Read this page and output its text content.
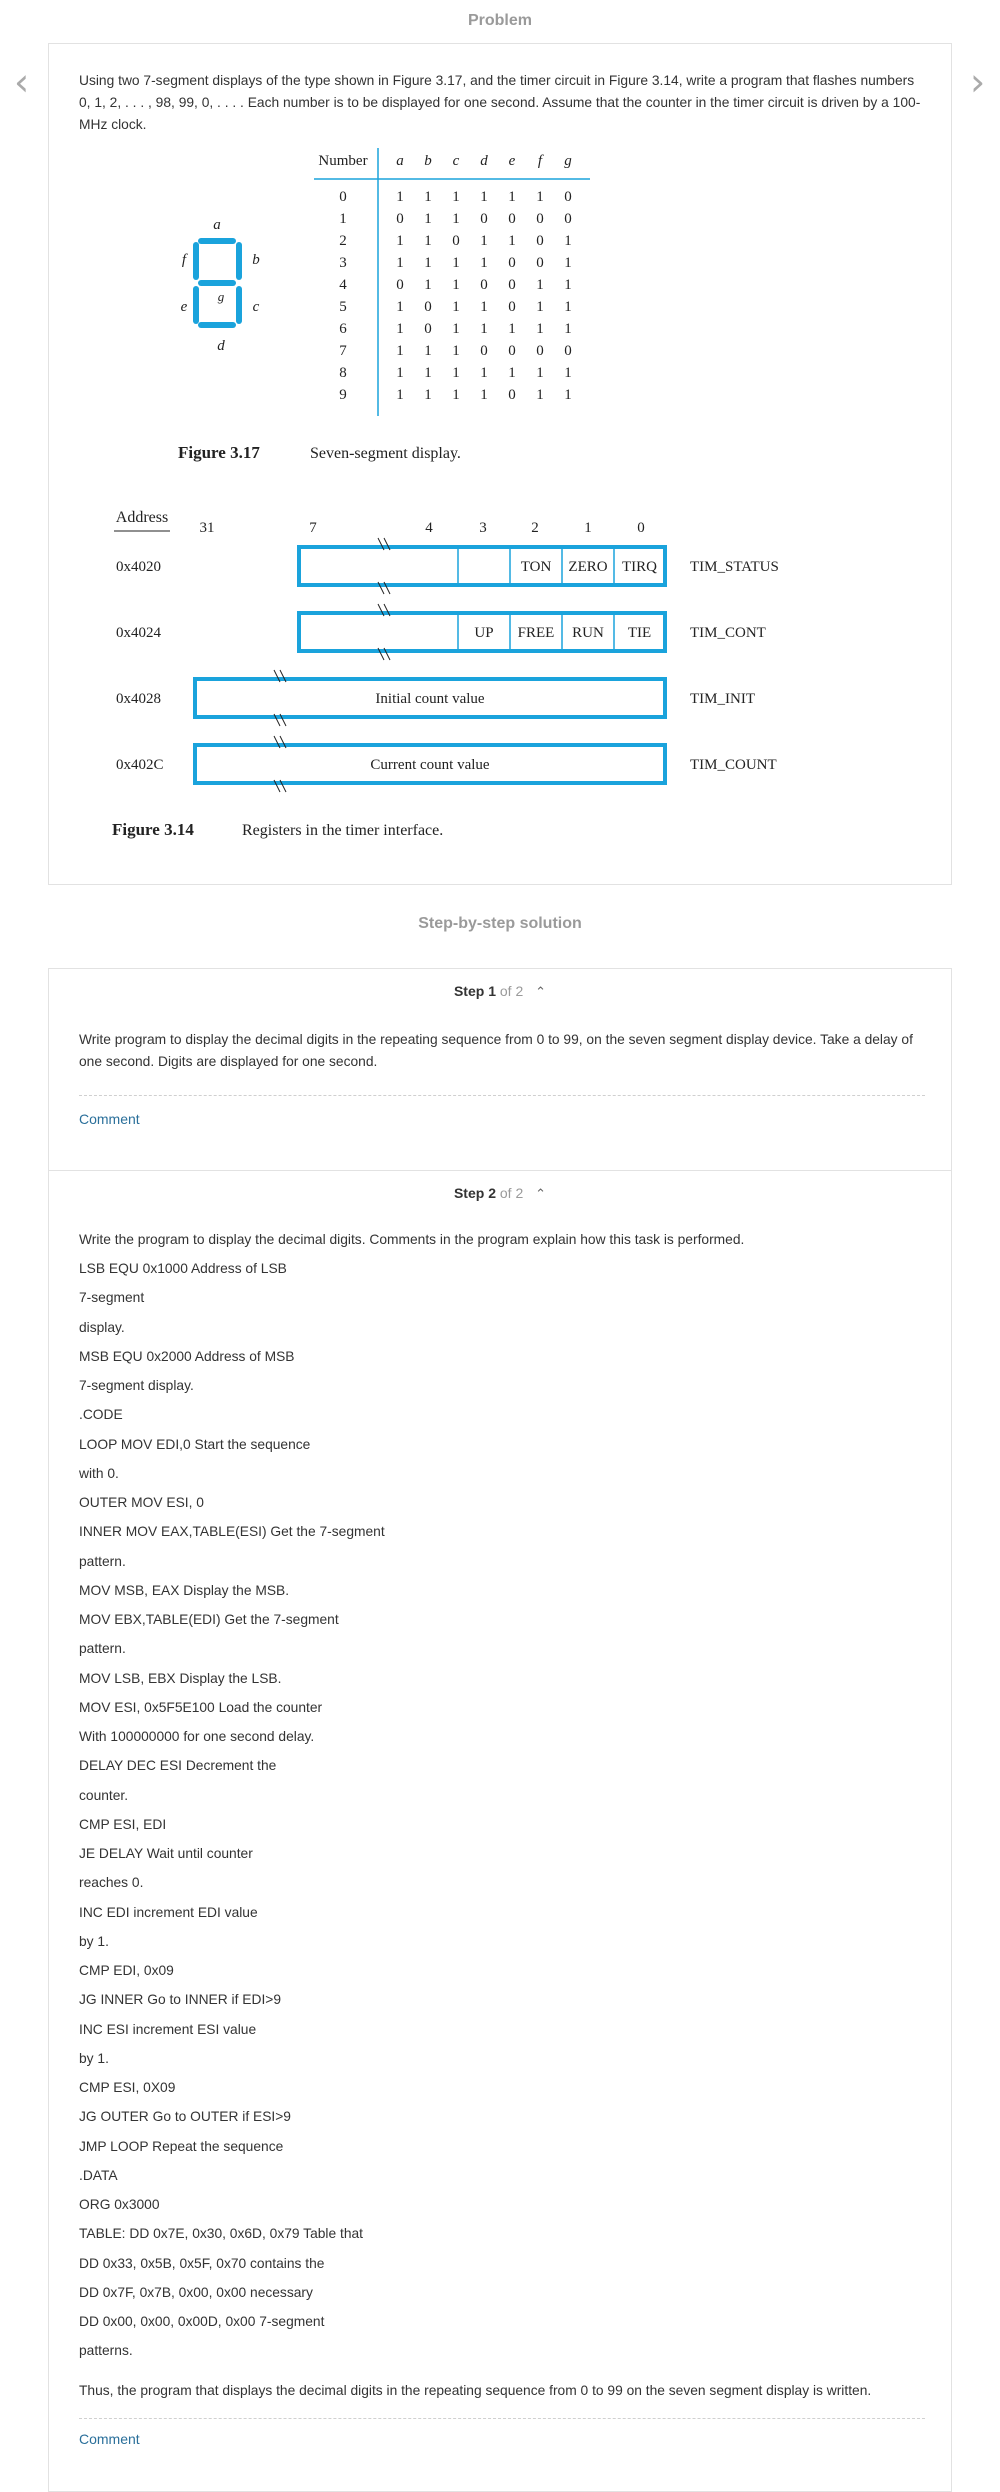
Problem
‹	›
Using two 7-segment displays of the type shown in Figure 3.17, and the timer circuit in Figure 3.14, write a program that flashes numbers 0, 1, 2, . . . , 98, 99, 0, . . . . Each number is to be displayed for one second. Assume that the counter in the timer circuit is driven by a 100-MHz clock.
a
f	b
g
e	c
d
Number a b c d e f g
0	1 1 1 1 1 1 0
1	0 1 1 0 0 0 0
2	1 1 0 1 1 0 1
3	1 1 1 1 0 0 1
4	0 1 1 0 0 1 1
5	1 0 1 1 0 1 1
6	1 0 1 1 1 1 1
7	1 1 1 0 0 0 0
8	1 1 1 1 1 1 1
9	1 1 1 1 0 1 1
Figure 3.17	Seven-segment display.
Address
31	7	4	3	2	1	0
0x4020	TIM_STATUS
TON ZERO TIRQ
0x4024	TIM_CONT
UP FREE RUN TIE
0x4028	TIM_INIT
Initial count value
0x402C	TIM_COUNT
Current count value
Figure 3.14	Registers in the timer interface.
Step-by-step solution
Step 1 of 2 ⌃
Write program to display the decimal digits in the repeating sequence from 0 to 99, on the seven segment display device. Take a delay of one second. Digits are displayed for one second.
Comment
Step 2 of 2 ⌃
Write the program to display the decimal digits. Comments in the program explain how this task is performed.
LSB EQU 0x1000 Address of LSB
7-segment
display.
MSB EQU 0x2000 Address of MSB
7-segment display.
.CODE
LOOP MOV EDI,0 Start the sequence
with 0.
OUTER MOV ESI, 0
INNER MOV EAX,TABLE(ESI) Get the 7-segment
pattern.
MOV MSB, EAX Display the MSB.
MOV EBX,TABLE(EDI) Get the 7-segment
pattern.
MOV LSB, EBX Display the LSB.
MOV ESI, 0x5F5E100 Load the counter
With 100000000 for one second delay.
DELAY DEC ESI Decrement the
counter.
CMP ESI, EDI
JE DELAY Wait until counter
reaches 0.
INC EDI increment EDI value
by 1.
CMP EDI, 0x09
JG INNER Go to INNER if EDI>9
INC ESI increment ESI value
by 1.
CMP ESI, 0X09
JG OUTER Go to OUTER if ESI>9
JMP LOOP Repeat the sequence
.DATA
ORG 0x3000
TABLE: DD 0x7E, 0x30, 0x6D, 0x79 Table that
DD 0x33, 0x5B, 0x5F, 0x70 contains the
DD 0x7F, 0x7B, 0x00, 0x00 necessary
DD 0x00, 0x00, 0x00D, 0x00 7-segment
patterns.
Thus, the program that displays the decimal digits in the repeating sequence from 0 to 99 on the seven segment display is written.
Comment
